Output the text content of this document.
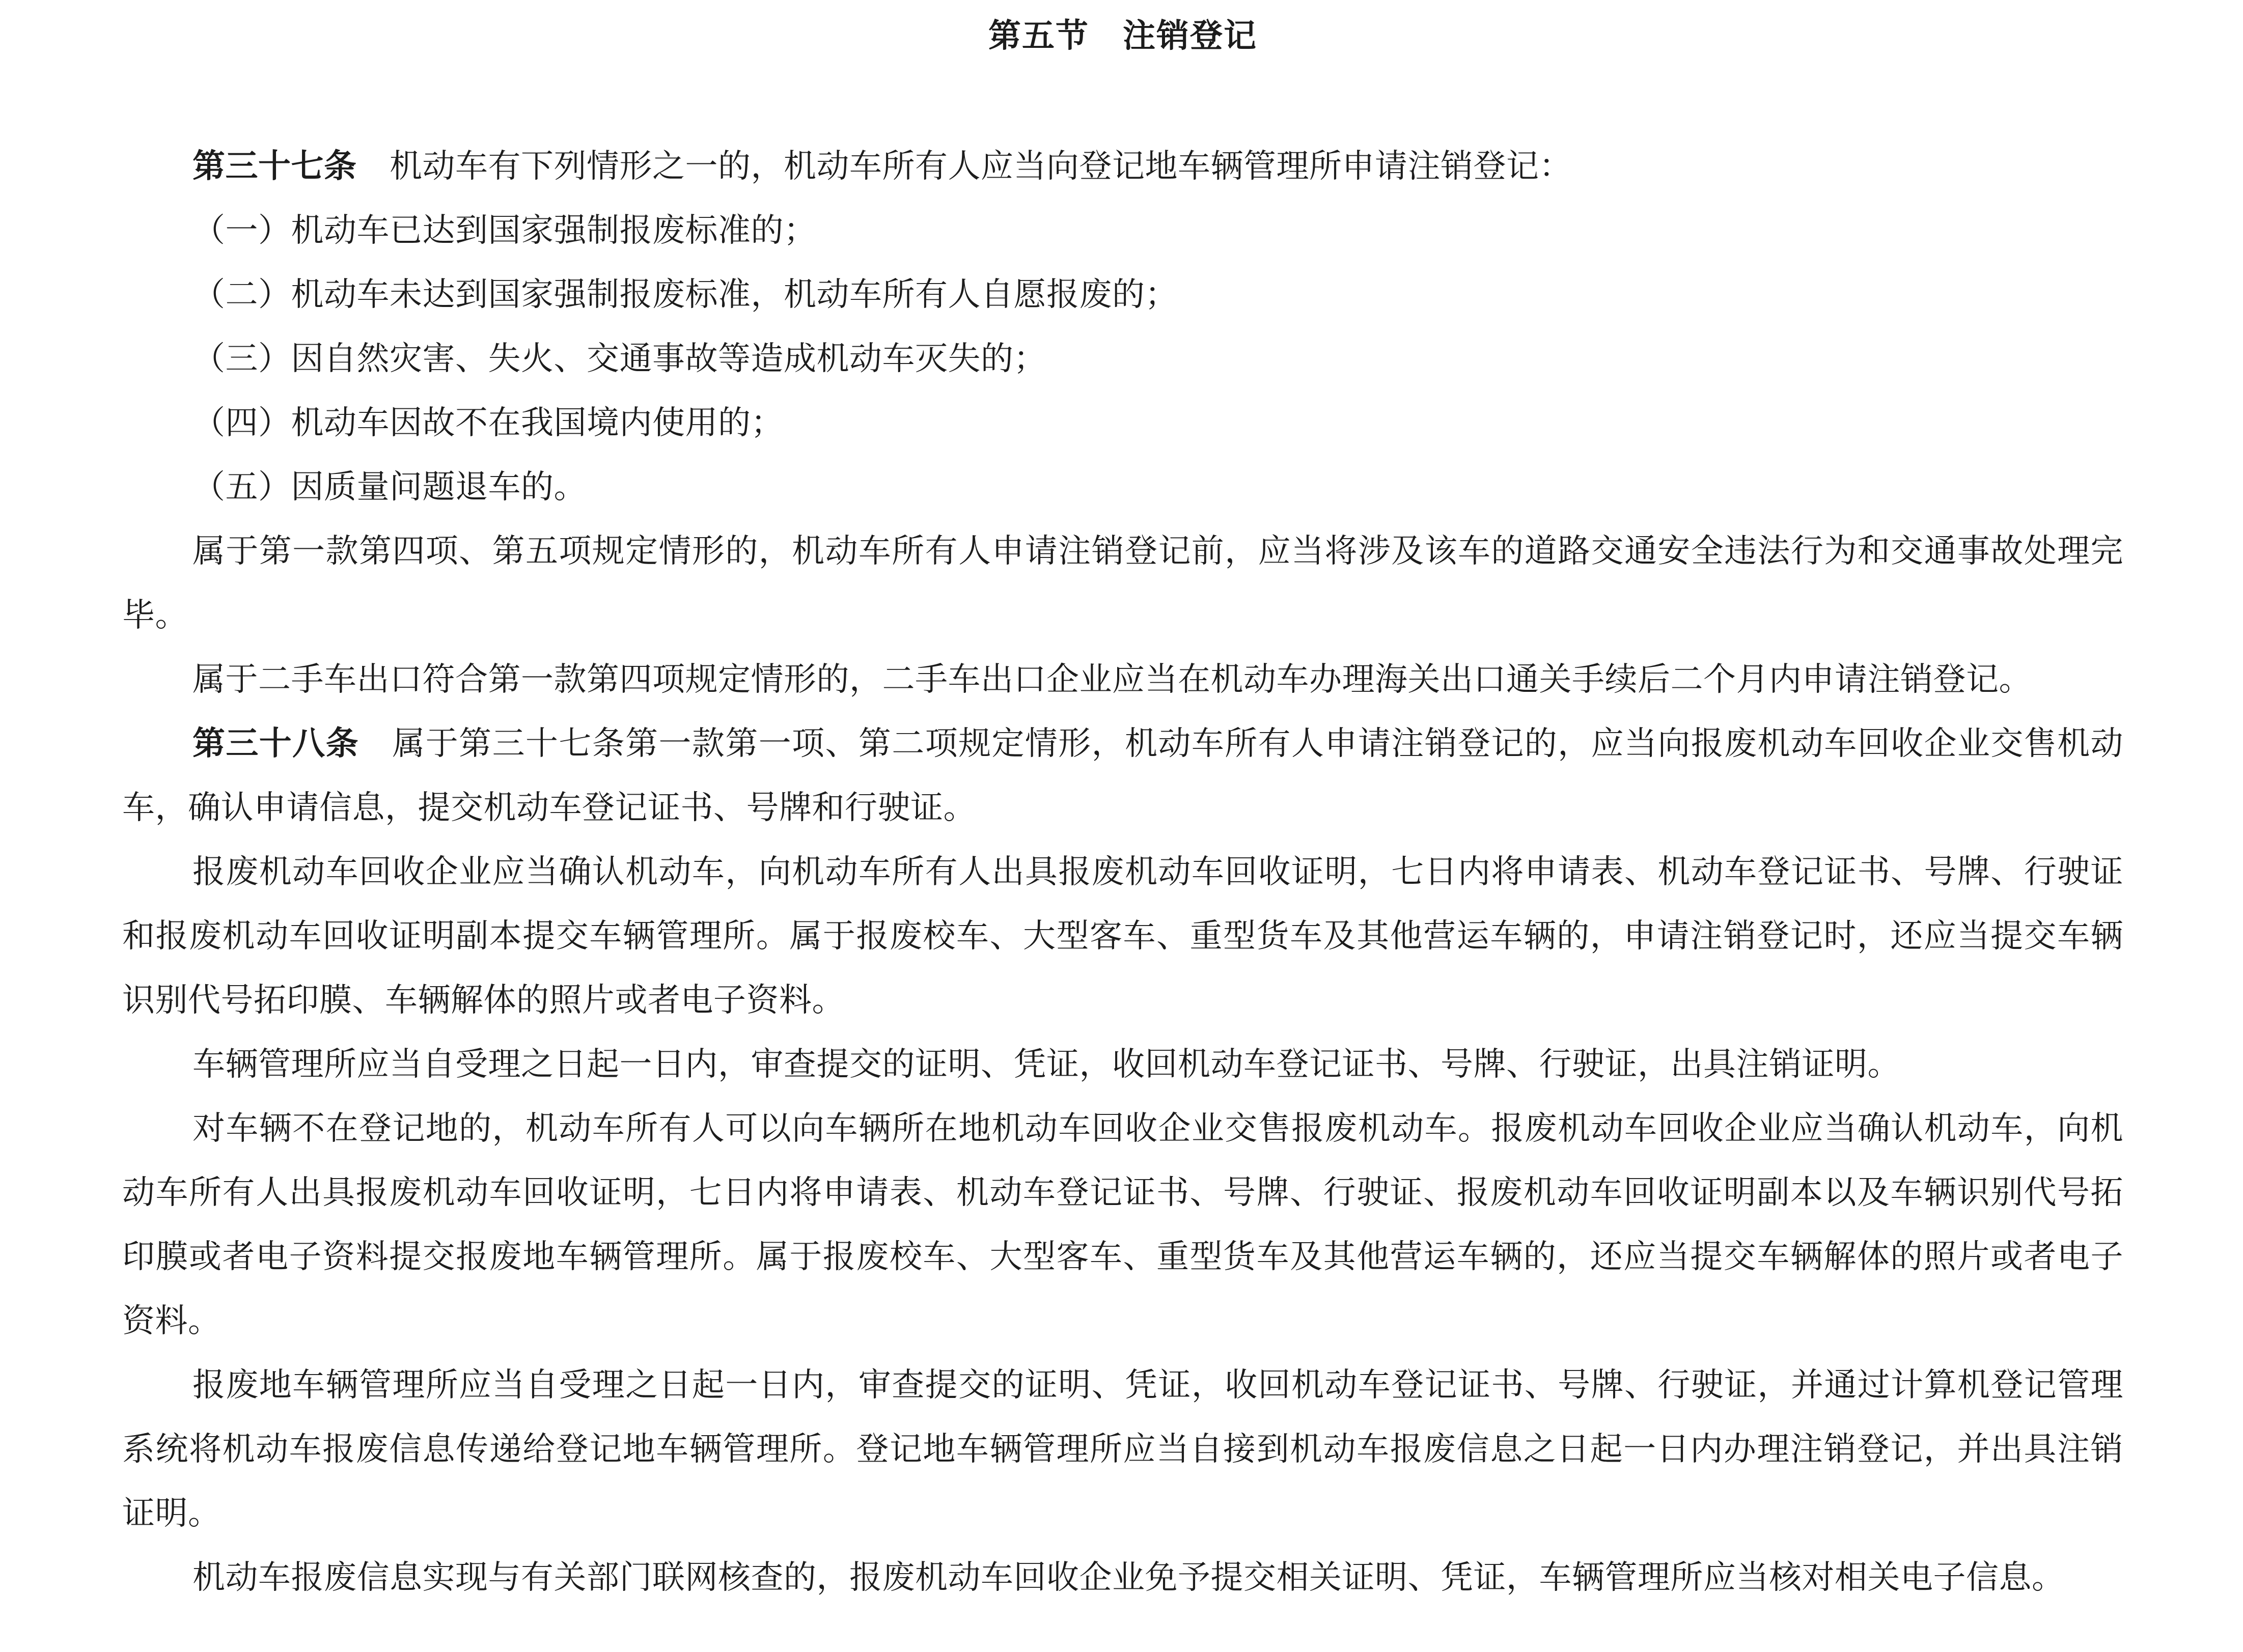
第五节　注销登记

第三十七条　机动车有下列情形之一的，机动车所有人应当向登记地车辆管理所申请注销登记：

（一）机动车已达到国家强制报废标准的；

（二）机动车未达到国家强制报废标准，机动车所有人自愿报废的；

（三）因自然灾害、失火、交通事故等造成机动车灭失的；

（四）机动车因故不在我国境内使用的；

（五）因质量问题退车的。

属于第一款第四项、第五项规定情形的，机动车所有人申请注销登记前，应当将涉及该车的道路交通安全违法行为和交通事故处理完毕。

属于二手车出口符合第一款第四项规定情形的，二手车出口企业应当在机动车办理海关出口通关手续后二个月内申请注销登记。

第三十八条　属于第三十七条第一款第一项、第二项规定情形，机动车所有人申请注销登记的，应当向报废机动车回收企业交售机动车，确认申请信息，提交机动车登记证书、号牌和行驶证。

报废机动车回收企业应当确认机动车，向机动车所有人出具报废机动车回收证明，七日内将申请表、机动车登记证书、号牌、行驶证和报废机动车回收证明副本提交车辆管理所。属于报废校车、大型客车、重型货车及其他营运车辆的，申请注销登记时，还应当提交车辆识别代号拓印膜、车辆解体的照片或者电子资料。

车辆管理所应当自受理之日起一日内，审查提交的证明、凭证，收回机动车登记证书、号牌、行驶证，出具注销证明。

对车辆不在登记地的，机动车所有人可以向车辆所在地机动车回收企业交售报废机动车。报废机动车回收企业应当确认机动车，向机动车所有人出具报废机动车回收证明，七日内将申请表、机动车登记证书、号牌、行驶证、报废机动车回收证明副本以及车辆识别代号拓印膜或者电子资料提交报废地车辆管理所。属于报废校车、大型客车、重型货车及其他营运车辆的，还应当提交车辆解体的照片或者电子资料。

报废地车辆管理所应当自受理之日起一日内，审查提交的证明、凭证，收回机动车登记证书、号牌、行驶证，并通过计算机登记管理系统将机动车报废信息传递给登记地车辆管理所。登记地车辆管理所应当自接到机动车报废信息之日起一日内办理注销登记，并出具注销证明。

机动车报废信息实现与有关部门联网核查的，报废机动车回收企业免予提交相关证明、凭证，车辆管理所应当核对相关电子信息。
